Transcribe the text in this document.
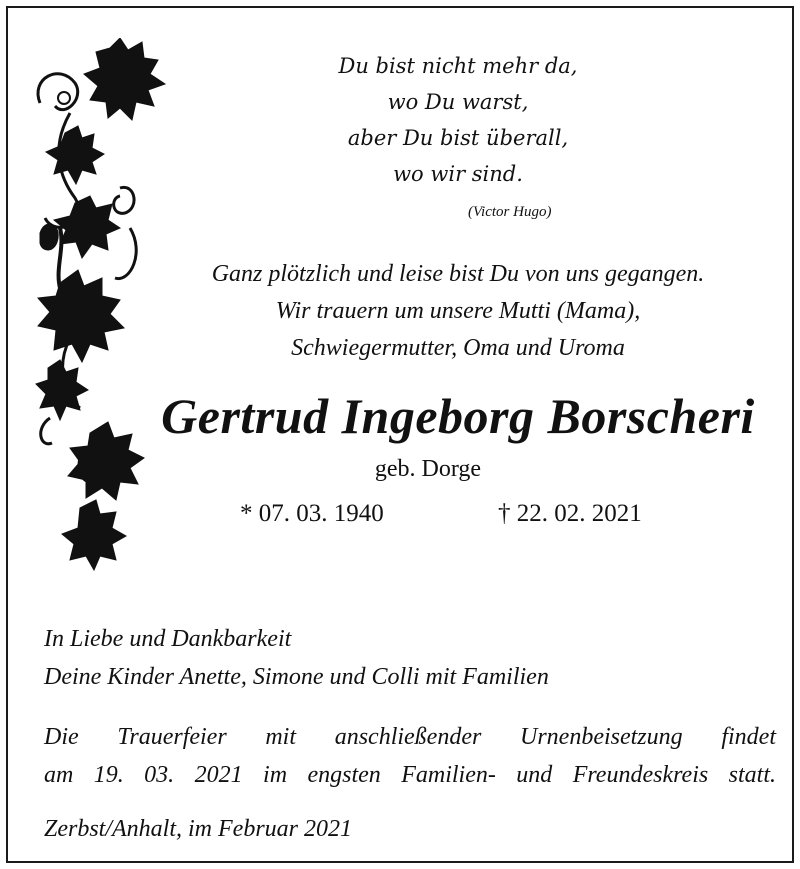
Du bist nicht mehr da,
wo Du warst,
aber Du bist überall,
wo wir sind.
(Victor Hugo)
Ganz plötzlich und leise bist Du von uns gegangen.
Wir trauern um unsere Mutti (Mama),
Schwiegermutter, Oma und Uroma
Gertrud Ingeborg Borscheri
geb. Dorge
* 07. 03. 1940	† 22. 02. 2021
In Liebe und Dankbarkeit
Deine Kinder Anette, Simone und Colli mit Familien
Die Trauerfeier mit anschließender Urnenbeisetzung findet
am 19. 03. 2021 im engsten Familien- und Freundeskreis statt.
Zerbst/Anhalt, im Februar 2021
